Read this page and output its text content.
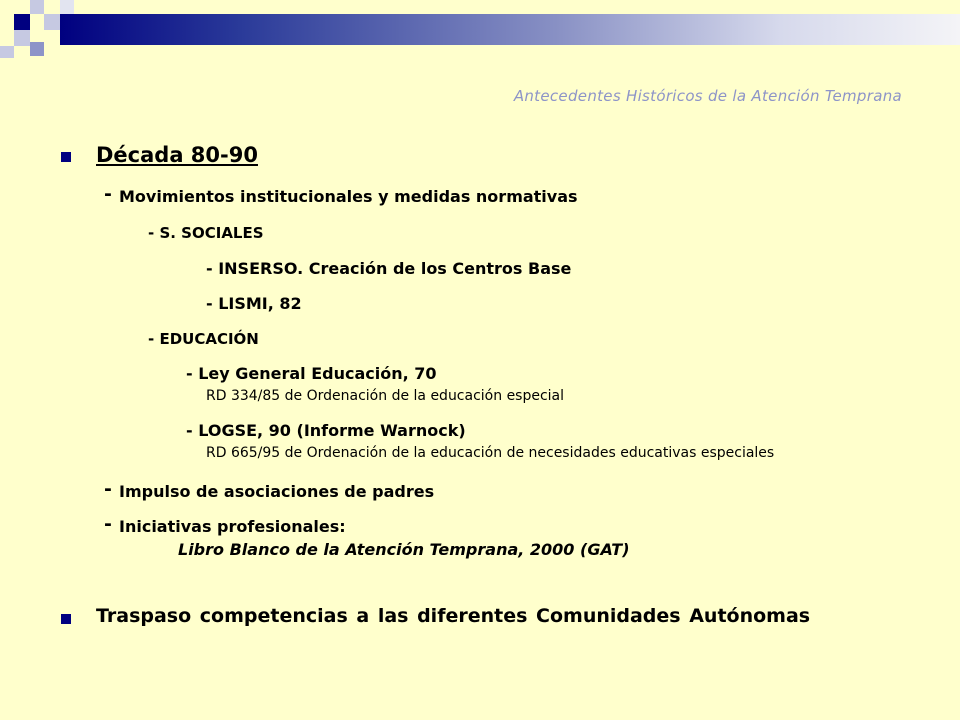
Antecedentes Históricos de la Atención Temprana
Década 80-90
- Movimientos institucionales y medidas normativas
- S. SOCIALES
- INSERSO. Creación de los Centros Base
- LISMI, 82
- EDUCACIÓN
- Ley General Educación, 70
RD 334/85 de Ordenación de la educación especial
- LOGSE, 90 (Informe Warnock)
RD 665/95 de Ordenación de la educación de necesidades educativas especiales
- Impulso de asociaciones de padres
- Iniciativas profesionales:
Libro Blanco de la Atención Temprana, 2000 (GAT)
Traspaso competencias a las diferentes Comunidades Autónomas
